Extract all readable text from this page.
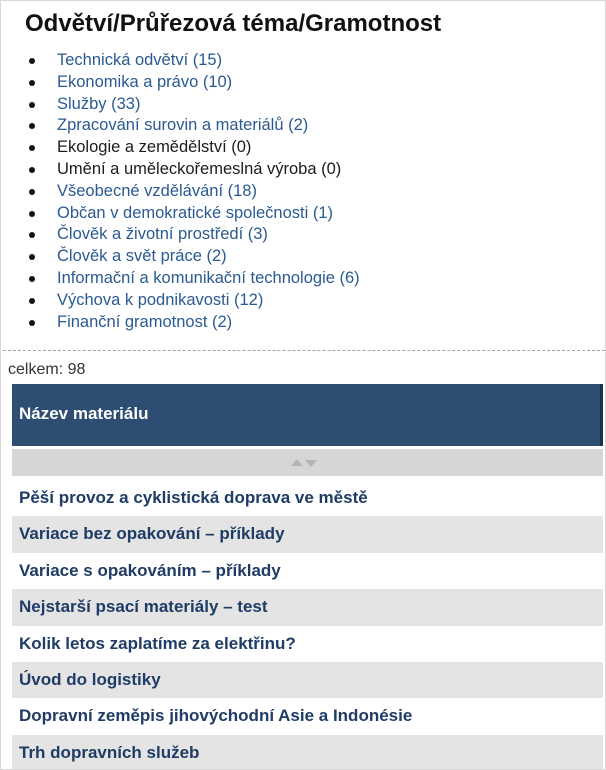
Odvětví/Průřezová téma/Gramotnost
Technická odvětví (15)
Ekonomika a právo (10)
Služby (33)
Zpracování surovin a materiálů (2)
Ekologie a zemědělství (0)
Umění a uměleckořemeslná výroba (0)
Všeobecné vzdělávání (18)
Občan v demokratické společnosti (1)
Člověk a životní prostředí (3)
Člověk a svět práce (2)
Informační a komunikační technologie (6)
Výchova k podnikavosti (12)
Finanční gramotnost (2)
celkem: 98
Název materiálu
Pěší provoz a cyklistická doprava ve městě
Variace bez opakování – příklady
Variace s opakováním – příklady
Nejstarší psací materiály – test
Kolik letos zaplatíme za elektřinu?
Úvod do logistiky
Dopravní zeměpis jihovýchodní Asie a Indonésie
Trh dopravních služeb
